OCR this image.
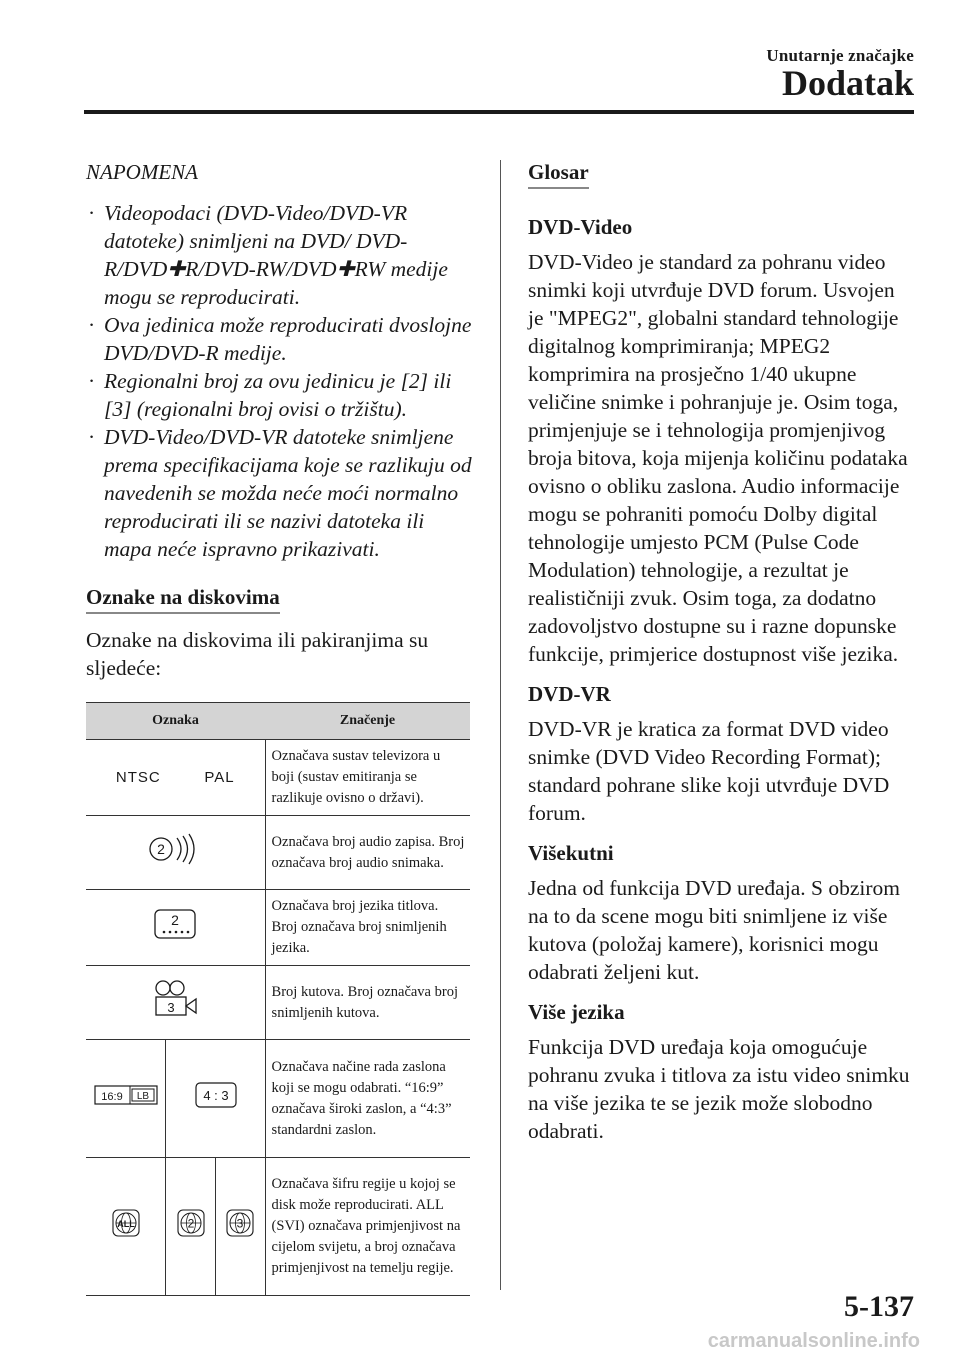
Unutarnje značajke
Dodatak
NAPOMENA
· Videopodaci (DVD-Video/DVD-VR datoteke) snimljeni na DVD/ DVD-R/DVD✚R/DVD-RW/DVD✚RW medije mogu se reproducirati.
· Ova jedinica može reproducirati dvoslojne DVD/DVD-R medije.
· Regionalni broj za ovu jedinicu je [2] ili [3] (regionalni broj ovisi o tržištu).
· DVD-Video/DVD-VR datoteke snimljene prema specifikacijama koje se razlikuju od navedenih se možda neće moći normalno reproducirati ili se nazivi datoteka ili mapa neće ispravno prikazivati.
Oznake na diskovima

Oznake na diskovima ili pakiranjima su sljedeće:

Oznaka			Značenje
NTSC PAL			Označava sustav televizora u boji (sustav emitiranja se razlikuje ovisno o državi).

2			Označava broj audio zapisa. Broj označava broj audio snimaka.

2			Označava broj jezika titlova. Broj označava broj snimljenih jezika.

3			Broj kutova. Broj označava broj snimljenih kutova.

16:9 LB	4 : 3		Označava načine rada zaslona koji se mogu odabrati. “16:9” označava široki zaslon, a “4:3” standardni zaslon.

ALL	2	3	Označava šifru regije u kojoj se disk može reproducirati. ALL (SVI) označava primjenjivost na cijelom svijetu, a broj označava primjenjivost na temelju regije.
Glosar
DVD-Video

DVD-Video je standard za pohranu video snimki koji utvrđuje DVD forum. Usvojen je "MPEG2", globalni standard tehnologije digitalnog komprimiranja; MPEG2 komprimira na prosječno 1/40 ukupne veličine snimke i pohranjuje je. Osim toga, primjenjuje se i tehnologija promjenjivog broja bitova, koja mijenja količinu podataka ovisno o obliku zaslona. Audio informacije mogu se pohraniti pomoću Dolby digital tehnologije umjesto PCM (Pulse Code Modulation) tehnologije, a rezultat je realističniji zvuk. Osim toga, za dodatno zadovoljstvo dostupne su i razne dopunske funkcije, primjerice dostupnost više jezika.

DVD-VR

DVD-VR je kratica za format DVD video snimke (DVD Video Recording Format); standard pohrane slike koji utvrđuje DVD forum.

Višekutni

Jedna od funkcija DVD uređaja. S obzirom na to da scene mogu biti snimljene iz više kutova (položaj kamere), korisnici mogu odabrati željeni kut.

Više jezika

Funkcija DVD uređaja koja omogućuje pohranu zvuka i titlova za istu video snimku na više jezika te se jezik može slobodno odabrati.

5-137
carmanualsonline.info
